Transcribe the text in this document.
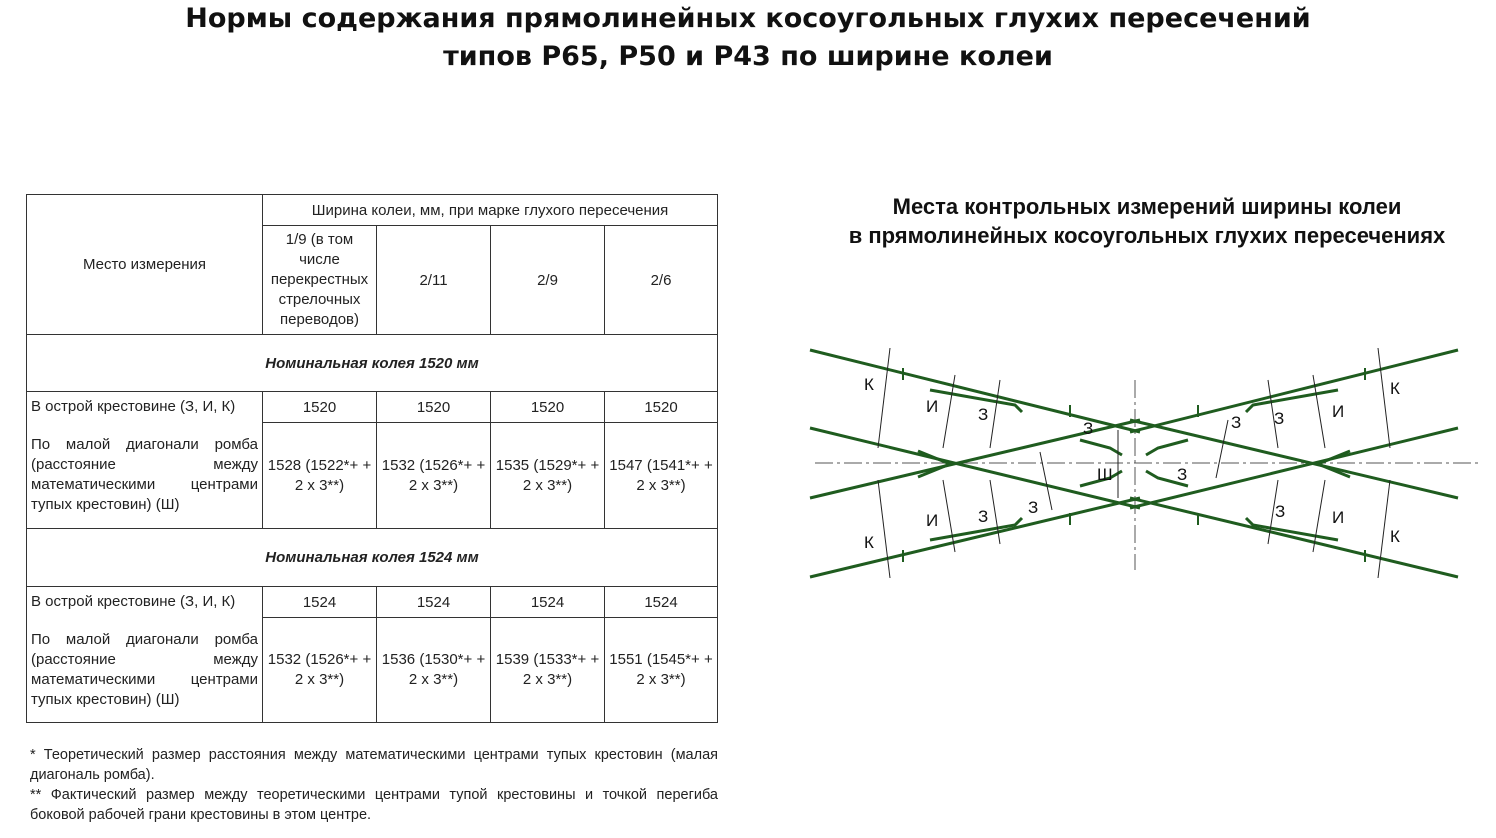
Нормы содержания прямолинейных косоугольных глухих пересечений
типов Р65, Р50 и Р43 по ширине колеи
Место измерения	Ширина колеи, мм, при марке глухого пересечения			
	1/9 (в том числе перекрестных стрелочных переводов)	2/11	2/9	2/6
Номинальная колея 1520 мм				
В острой крестовине (З, И, К)	1520	1520	1520	1520
По малой диагонали ромба (расстояние между математическими центрами тупых крестовин) (Ш)	1528 (1522*+ + 2 х 3**)	1532 (1526*+ + 2 х 3**)	1535 (1529*+ + 2 х 3**)	1547 (1541*+ + 2 х 3**)
Номинальная колея 1524 мм				
В острой крестовине (З, И, К)	1524	1524	1524	1524
По малой диагонали ромба (расстояние между математическими центрами тупых крестовин) (Ш)	1532 (1526*+ + 2 х 3**)	1536 (1530*+ + 2 х 3**)	1539 (1533*+ + 2 х 3**)	1551 (1545*+ + 2 х 3**)
* Теоретический размер расстояния между математическими центрами тупых крестовин (малая диагональ ромба).
** Фактический размер между теоретическими центрами тупой крестовины и точкой перегиба боковой рабочей грани крестовины в этом центре.
Места контрольных измерений ширины колеи
в прямолинейных косоугольных глухих пересечениях
К
К
И
И
З
З З
З
Ш	З
З З
З
И
И
К
К
